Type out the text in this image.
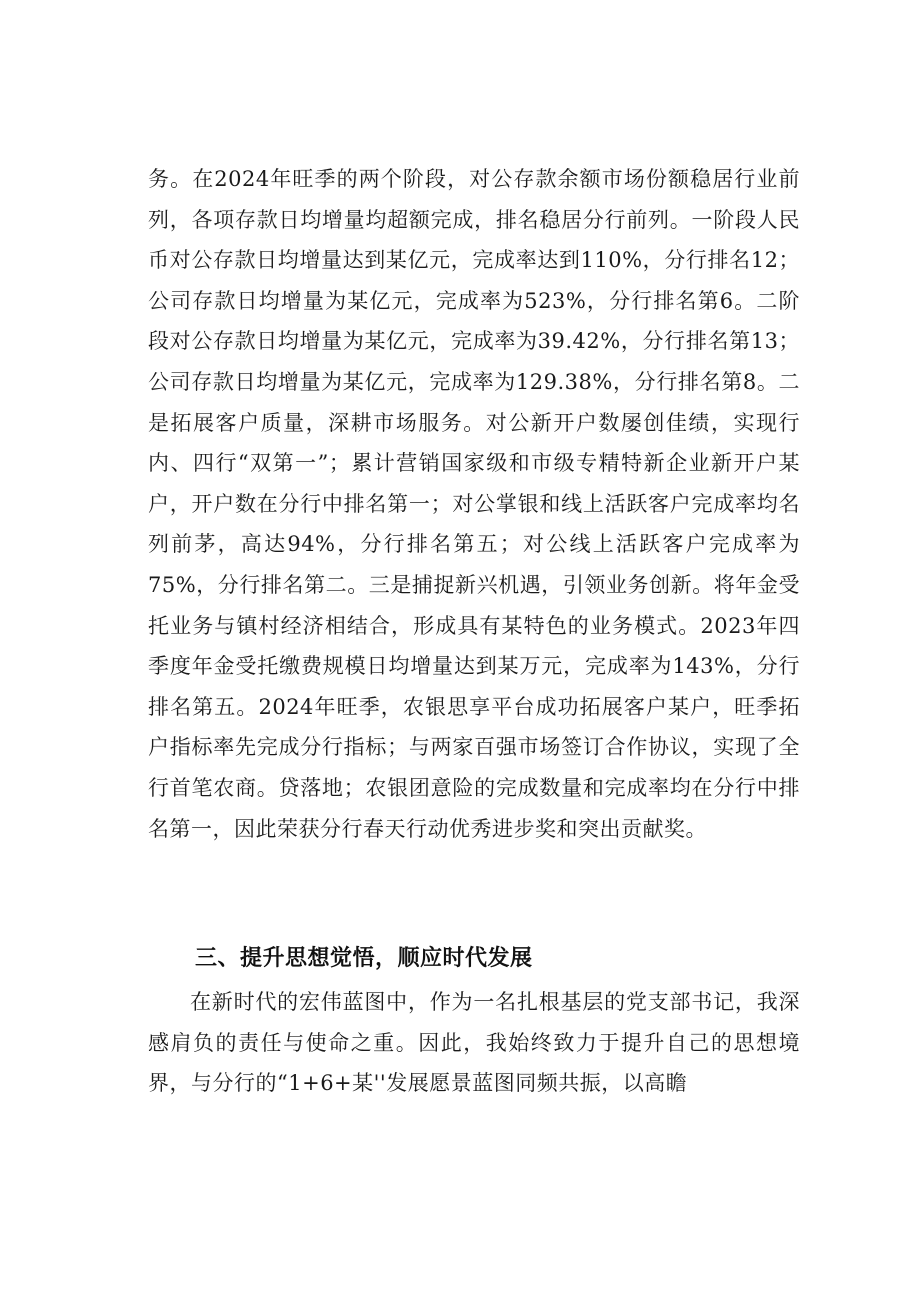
务。在2024年旺季的两个阶段，对公存款余额市场份额稳居行业前列，各项存款日均增量均超额完成，排名稳居分行前列。一阶段人民币对公存款日均增量达到某亿元，完成率达到110%，分行排名12；公司存款日均增量为某亿元，完成率为523%，分行排名第6。二阶段对公存款日均增量为某亿元，完成率为39.42%，分行排名第13；公司存款日均增量为某亿元，完成率为129.38%，分行排名第8。二是拓展客户质量，深耕市场服务。对公新开户数屡创佳绩，实现行内、四行“双第一”；累计营销国家级和市级专精特新企业新开户某户，开户数在分行中排名第一；对公掌银和线上活跃客户完成率均名列前茅，高达94%，分行排名第五；对公线上活跃客户完成率为75%，分行排名第二。三是捕捉新兴机遇，引领业务创新。将年金受托业务与镇村经济相结合，形成具有某特色的业务模式。2023年四季度年金受托缴费规模日均增量达到某万元，完成率为143%，分行排名第五。2024年旺季，农银思享平台成功拓展客户某户，旺季拓户指标率先完成分行指标；与两家百强市场签订合作协议，实现了全行首笔农商。贷落地；农银团意险的完成数量和完成率均在分行中排名第一，因此荣获分行春天行动优秀进步奖和突出贡献奖。

三、提升思想觉悟，顺应时代发展

在新时代的宏伟蓝图中，作为一名扎根基层的党支部书记，我深感肩负的责任与使命之重。因此，我始终致力于提升自己的思想境界，与分行的“1+6+某''发展愿景蓝图同频共振，以高瞻
